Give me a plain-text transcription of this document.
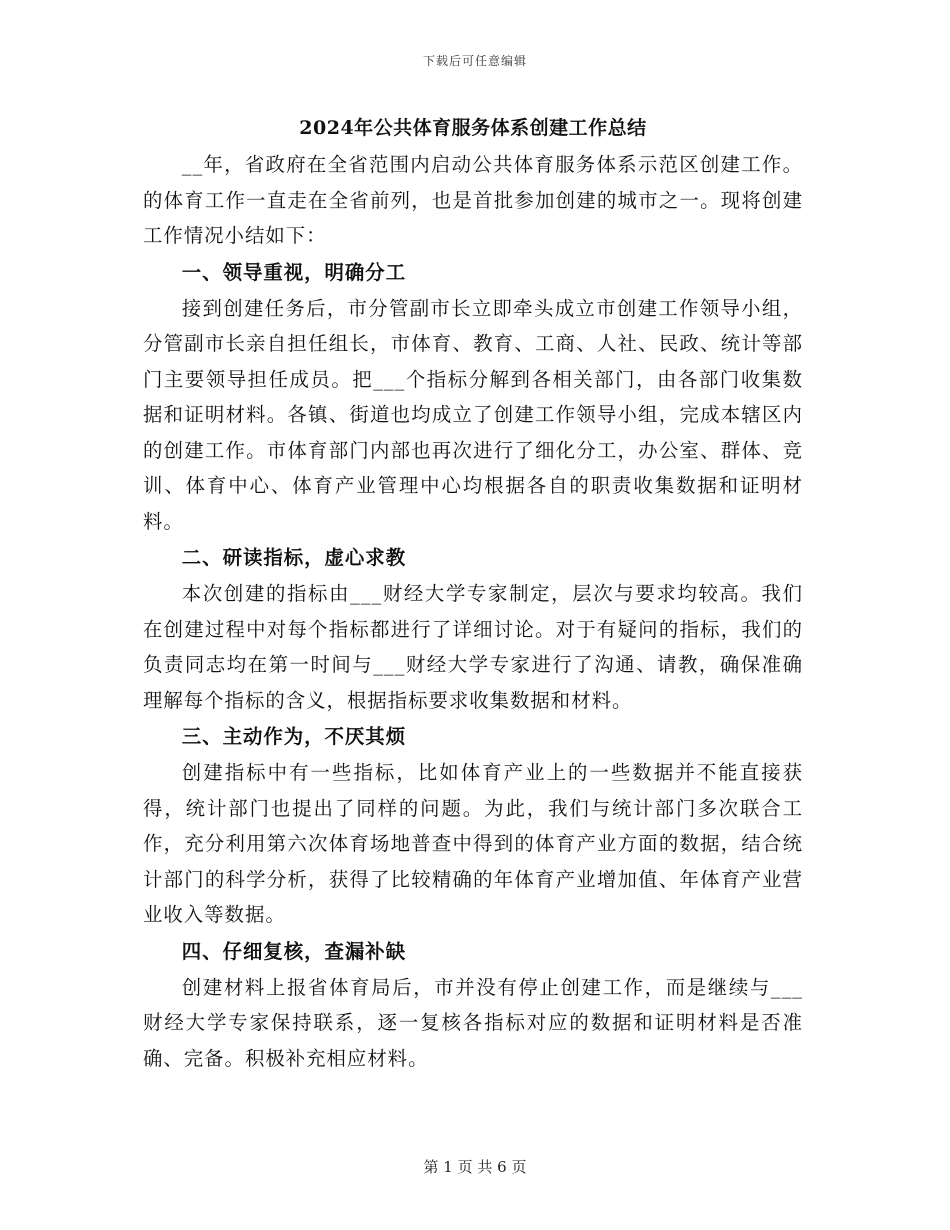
下载后可任意编辑
2024年公共体育服务体系创建工作总结

__年，省政府在全省范围内启动公共体育服务体系示范区创建工作。的体育工作一直走在全省前列，也是首批参加创建的城市之一。现将创建工作情况小结如下：

一、领导重视，明确分工

接到创建任务后，市分管副市长立即牵头成立市创建工作领导小组，分管副市长亲自担任组长，市体育、教育、工商、人社、民政、统计等部门主要领导担任成员。把___个指标分解到各相关部门，由各部门收集数据和证明材料。各镇、街道也均成立了创建工作领导小组，完成本辖区内的创建工作。市体育部门内部也再次进行了细化分工，办公室、群体、竞训、体育中心、体育产业管理中心均根据各自的职责收集数据和证明材料。

二、研读指标，虚心求教

本次创建的指标由___财经大学专家制定，层次与要求均较高。我们在创建过程中对每个指标都进行了详细讨论。对于有疑问的指标，我们的负责同志均在第一时间与___财经大学专家进行了沟通、请教，确保准确理解每个指标的含义，根据指标要求收集数据和材料。

三、主动作为，不厌其烦

创建指标中有一些指标，比如体育产业上的一些数据并不能直接获得，统计部门也提出了同样的问题。为此，我们与统计部门多次联合工作，充分利用第六次体育场地普查中得到的体育产业方面的数据，结合统计部门的科学分析，获得了比较精确的年体育产业增加值、年体育产业营业收入等数据。

四、仔细复核，查漏补缺

创建材料上报省体育局后，市并没有停止创建工作，而是继续与___财经大学专家保持联系，逐一复核各指标对应的数据和证明材料是否准确、完备。积极补充相应材料。

第 1 页 共 6 页
